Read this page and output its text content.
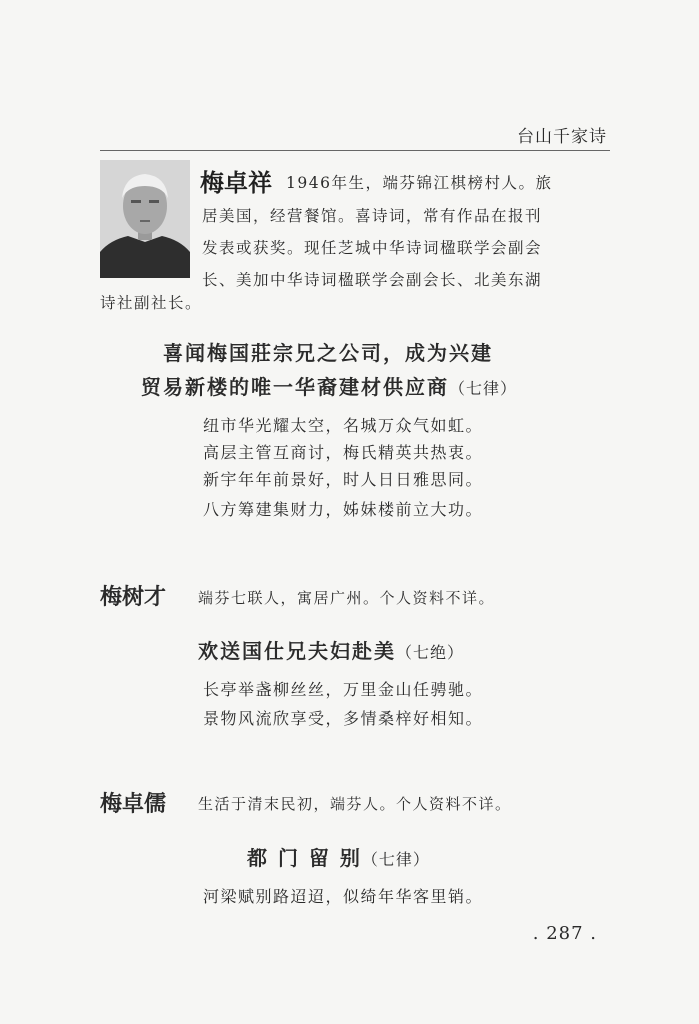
台山千家诗
梅卓祥 1946年生，端芬锦江棋榜村人。旅
居美国，经营餐馆。喜诗词，常有作品在报刊
发表或获奖。现任芝城中华诗词楹联学会副会
长、美加中华诗词楹联学会副会长、北美东湖
诗社副社长。
喜闻梅国莊宗兄之公司，成为兴建
贸易新楼的唯一华裔建材供应商（七律）
纽市华光耀太空，名城万众气如虹。
高层主管互商讨，梅氏精英共热衷。
新宇年年前景好，时人日日雅思同。
八方筹建集财力，姊妹楼前立大功。
梅树才 端芬七联人，寓居广州。个人资料不详。
欢送国仕兄夫妇赴美（七绝）
长亭举盏柳丝丝，万里金山任骋驰。
景物风流欣享受，多情桑梓好相知。
梅卓儒 生活于清末民初，端芬人。个人资料不详。
都 门 留 别（七律）
河梁赋别路迢迢，似绮年华客里销。
. 287 .
